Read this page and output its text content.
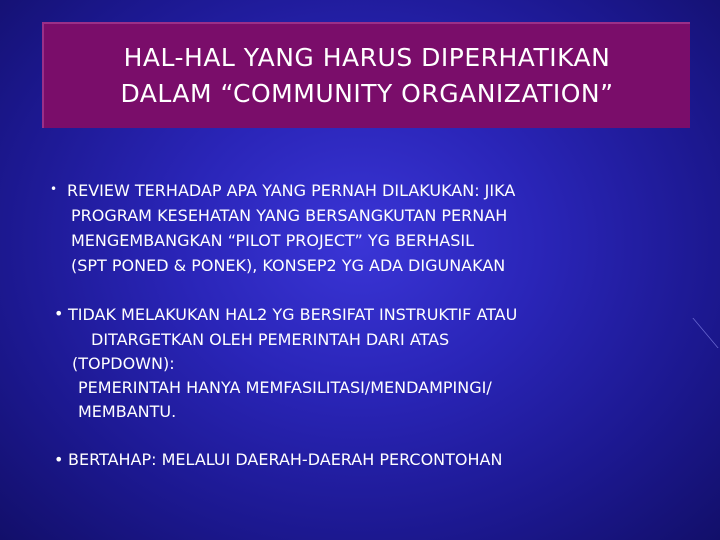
HAL-HAL YANG HARUS DIPERHATIKAN
DALAM “COMMUNITY ORGANIZATION”
• REVIEW TERHADAP APA YANG PERNAH DILAKUKAN: JIKA
PROGRAM KESEHATAN YANG BERSANGKUTAN PERNAH
MENGEMBANGKAN “PILOT PROJECT” YG BERHASIL
(SPT PONED & PONEK), KONSEP2 YG ADA DIGUNAKAN
• TIDAK MELAKUKAN HAL2 YG BERSIFAT INSTRUKTIF ATAU
DITARGETKAN OLEH PEMERINTAH DARI ATAS
(TOPDOWN):
PEMERINTAH HANYA MEMFASILITASI/MENDAMPINGI/
MEMBANTU.
• BERTAHAP: MELALUI DAERAH-DAERAH PERCONTOHAN
